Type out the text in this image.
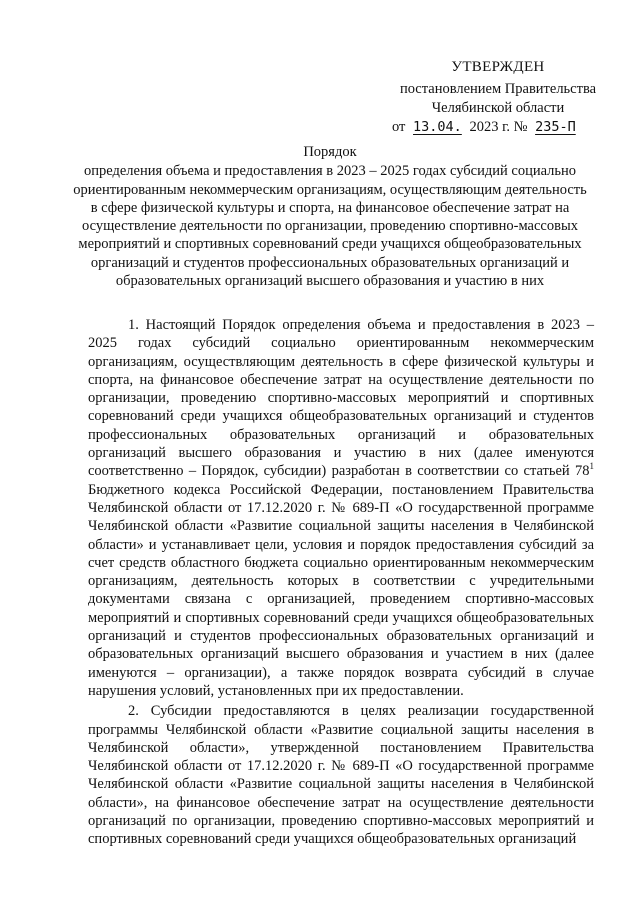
УТВЕРЖДЕН
постановлением Правительства
Челябинской области
от 13.04. 2023 г. № 235-П
Порядок
определения объема и предоставления в 2023 – 2025 годах субсидий социально ориентированным некоммерческим организациям, осуществляющим деятельность в сфере физической культуры и спорта, на финансовое обеспечение затрат на осуществление деятельности по организации, проведению спортивно-массовых мероприятий и спортивных соревнований среди учащихся общеобразовательных организаций и студентов профессиональных образовательных организаций и образовательных организаций высшего образования и участию в них

1. Настоящий Порядок определения объема и предоставления в 2023 – 2025 годах субсидий социально ориентированным некоммерческим организациям, осуществляющим деятельность в сфере физической культуры и спорта, на финансовое обеспечение затрат на осуществление деятельности по организации, проведению спортивно-массовых мероприятий и спортивных соревнований среди учащихся общеобразовательных организаций и студентов профессиональных образовательных организаций и образовательных организаций высшего образования и участию в них (далее именуются соответственно – Порядок, субсидии) разработан в соответствии со статьей $78^1$ Бюджетного кодекса Российской Федерации, постановлением Правительства Челябинской области от 17.12.2020 г. № 689-П «О государственной программе Челябинской области «Развитие социальной защиты населения в Челябинской области» и устанавливает цели, условия и порядок предоставления субсидий за счет средств областного бюджета социально ориентированным некоммерческим организациям, деятельность которых в соответствии с учредительными документами связана с организацией, проведением спортивно-массовых мероприятий и спортивных соревнований среди учащихся общеобразовательных организаций и студентов профессиональных образовательных организаций и образовательных организаций высшего образования и участием в них (далее именуются – организации), а также порядок возврата субсидий в случае нарушения условий, установленных при их предоставлении.

2. Субсидии предоставляются в целях реализации государственной программы Челябинской области «Развитие социальной защиты населения в Челябинской области», утвержденной постановлением Правительства Челябинской области от 17.12.2020 г. № 689-П «О государственной программе Челябинской области «Развитие социальной защиты населения в Челябинской области», на финансовое обеспечение затрат на осуществление деятельности организаций по организации, проведению спортивно-массовых мероприятий и спортивных соревнований среди учащихся общеобразовательных организаций
